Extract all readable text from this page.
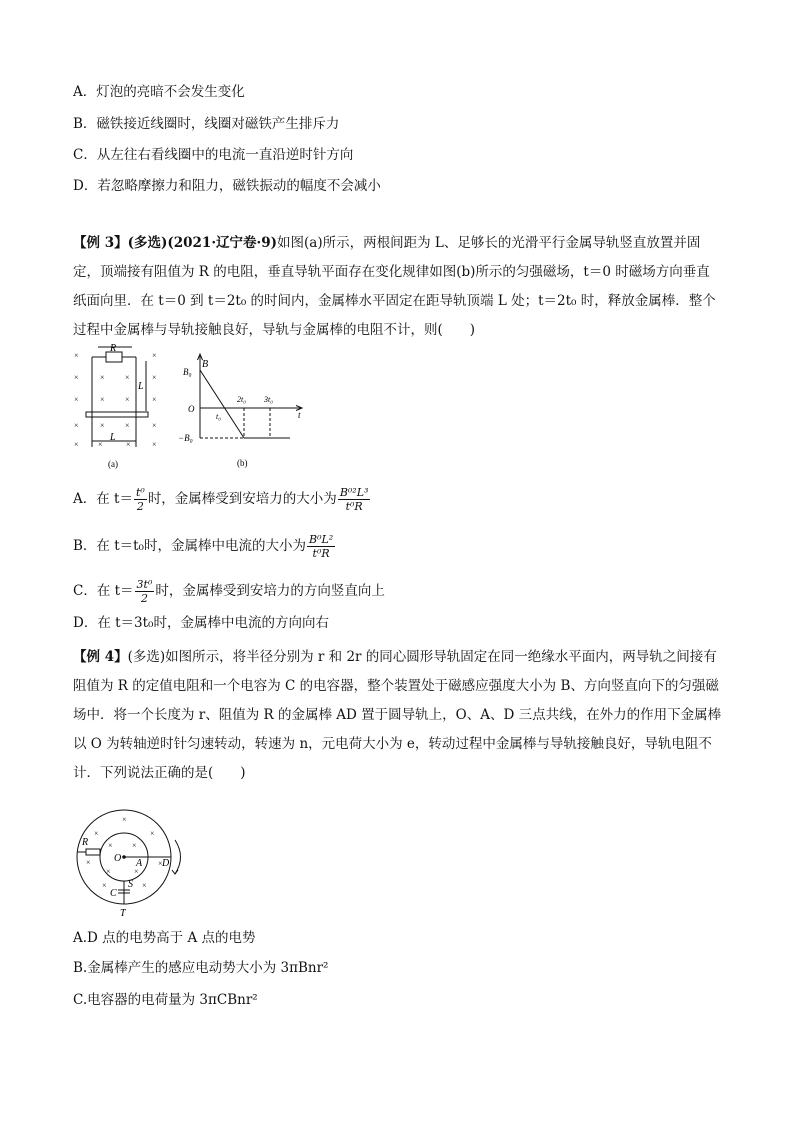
A．灯泡的亮暗不会发生变化
B．磁铁接近线圈时，线圈对磁铁产生排斥力
C．从左往右看线圈中的电流一直沿逆时针方向
D．若忽略摩擦力和阻力，磁铁振动的幅度不会减小
【例 3】(多选)(2021·辽宁卷·9)如图(a)所示，两根间距为 L、足够长的光滑平行金属导轨竖直放置并固定，顶端接有阻值为 R 的电阻，垂直导轨平面存在变化规律如图(b)所示的匀强磁场，t＝0 时磁场方向垂直纸面向里．在 t＝0 到 t＝2t₀ 的时间内，金属棒水平固定在距导轨顶端 L 处；t＝2t₀ 时，释放金属棒．整个过程中金属棒与导轨接触良好，导轨与金属棒的电阻不计，则(　　)
×	×
×	×	×	×
×	×	×	×
×	×	×	×
× ×	×	×
R
L
L
(a)
B
B₀
O
t₀
2t₀ 3t₀
t
−B₀
(b)
A．在 $t= \frac{\text{t⁰}}{2}$ 时，金属棒受到安培力的大小为 $\frac{\text{B⁰²L³}}{\text{t⁰R}}$
B．在 t＝t₀时，金属棒中电流的大小为 $\frac{\text{B⁰L²}}{\text{t⁰R}}$
C．在 $t= \frac{\text{3t⁰}}{2}$ 时，金属棒受到安培力的方向竖直向上
D．在 t＝3t₀时，金属棒中电流的方向向右
【例 4】(多选)如图所示，将半径分别为 r 和 2r 的同心圆形导轨固定在同一绝缘水平面内，两导轨之间接有阻值为 R 的定值电阻和一个电容为 C 的电容器，整个装置处于磁感应强度大小为 B、方向竖直向下的匀强磁场中．将一个长度为 r、阻值为 R 的金属棒 AD 置于圆导轨上，O、A、D 三点共线，在外力的作用下金属棒以 O 为转轴逆时针匀速转动，转速为 n，元电荷大小为 e，转动过程中金属棒与导轨接触良好，导轨电阻不计．下列说法正确的是(　　)
×
×
×
×	×
×	×
× ×
×	×
R
O A D
S
C
T
A.D 点的电势高于 A 点的电势
B.金属棒产生的感应电动势大小为 3πBnr²
C.电容器的电荷量为 3πCBnr²
